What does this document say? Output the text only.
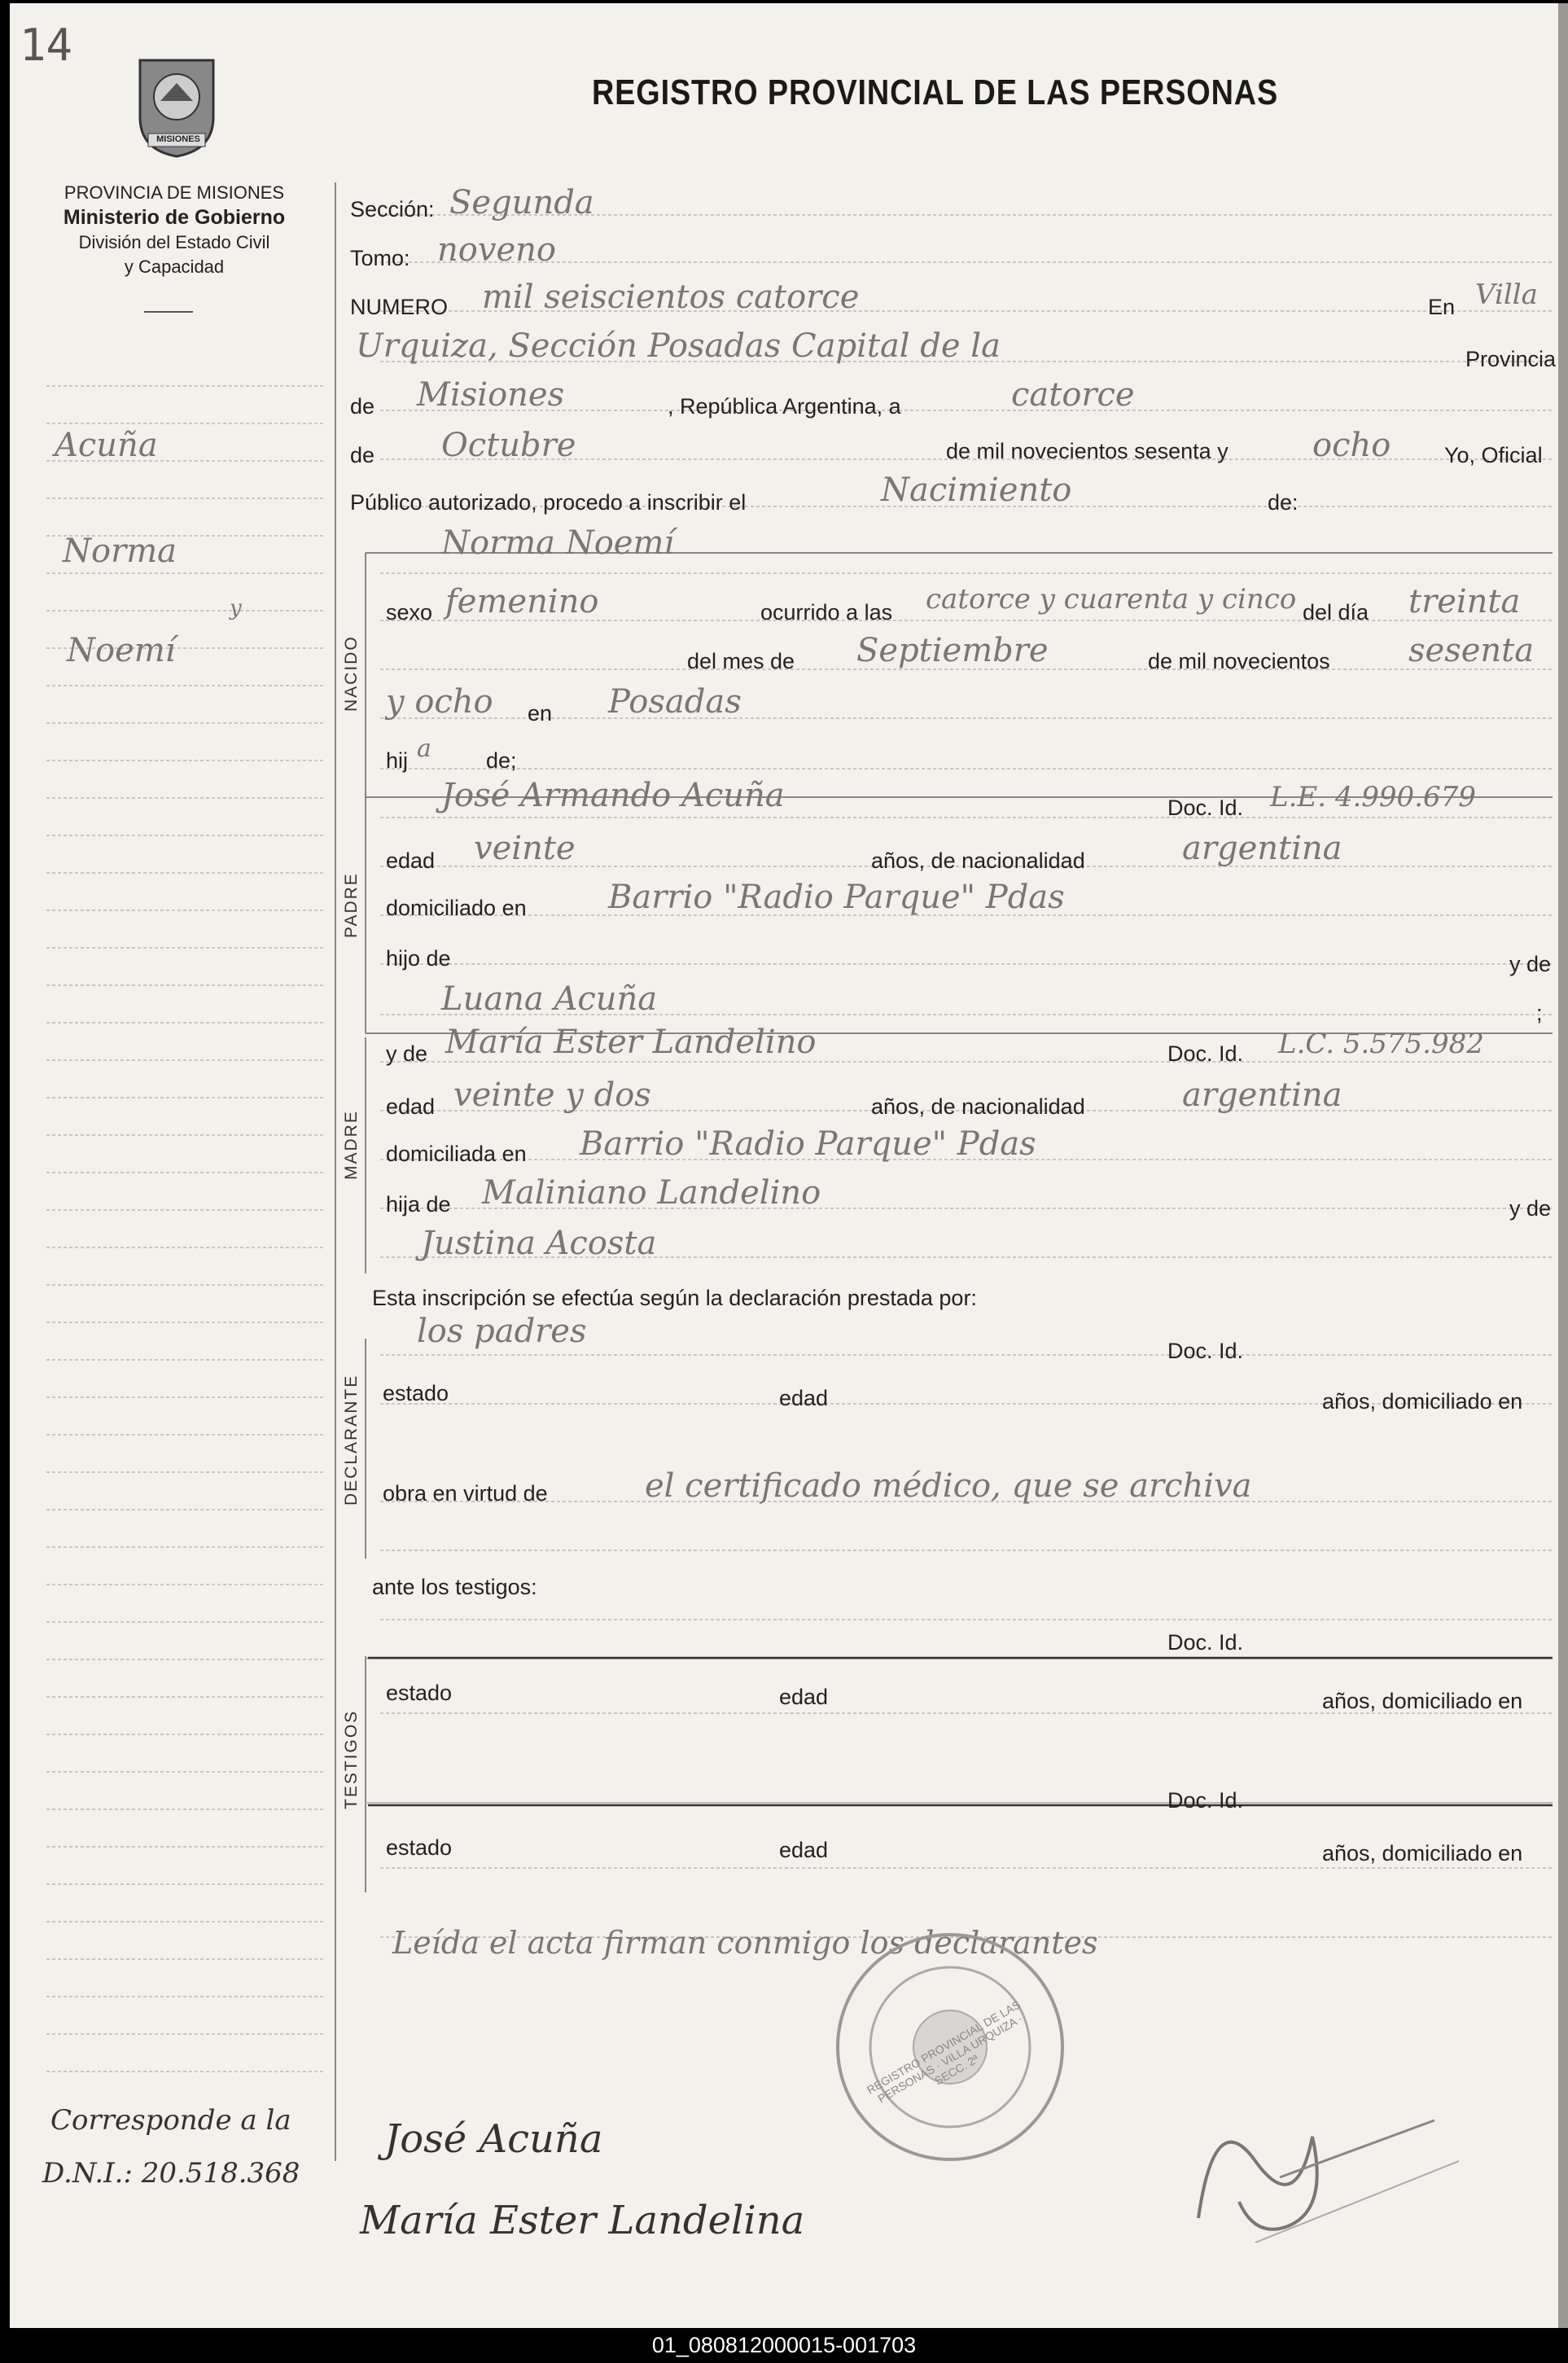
14
MISIONES
PROVINCIA DE MISIONES
Ministerio de Gobierno
División del Estado Civil
y Capacidad
REGISTRO PROVINCIAL DE LAS PERSONAS
Sección: Segunda
Tomo: noveno
NUMERO mil seiscientos catorce	En Villa
Urquiza, Sección Posadas Capital de la	Provincia
de Misiones	, República Argentina, a	catorce
de Octubre	de mil novecientos sesenta y	ocho Yo, Oficial
Público autorizado, procedo a inscribir el	Nacimiento	de:
NACIDO
Norma Noemí
sexo femenino	ocurrido a las catorce y cuarenta y cinco del día treinta
del mes de Septiembre	de mil novecientos sesenta
y ocho en Posadas
hij a de;
PADRE
José Armando Acuña	Doc. Id. L.E. 4.990.679
edad veinte	años, de nacionalidad	argentina
domiciliado en	Barrio "Radio Parque" Pdas
hijo de	y de
Luana Acuña	;
MADRE
y de María Ester Landelino	Doc. Id. L.C. 5.575.982
edad veinte y dos	años, de nacionalidad	argentina
domiciliada en Barrio "Radio Parque" Pdas
hija de Maliniano Landelino	y de
Justina Acosta
Esta inscripción se efectúa según la declaración prestada por:
DECLARANTE
los padres
Doc. Id.
estado	edad	años, domiciliado en
obra en virtud de	el certificado médico, que se archiva
ante los testigos:
TESTIGOS
Doc. Id.
estado	edad	años, domiciliado en
Doc. Id.
estado	edad	años, domiciliado en
Leída el acta firman conmigo los declarantes
REGISTRO PROVINCIAL DE LAS PERSONAS · VILLA URQUIZA · SECC. 2ª
José Acuña
María Ester Landelina
Acuña
Norma
y
Noemí
Corresponde a la
D.N.I.: 20.518.368
01_080812000015-001703
